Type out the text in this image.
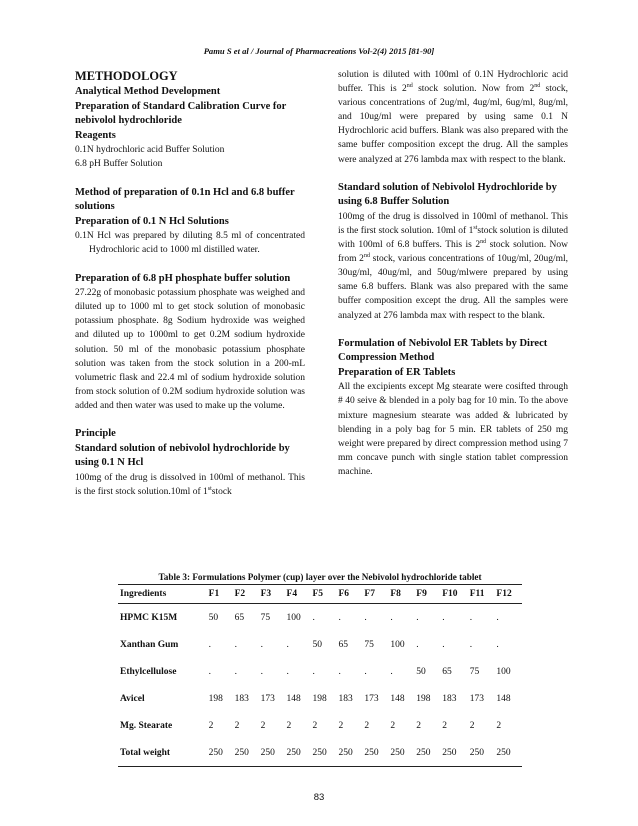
Pamu S et al / Journal of Pharmacreations Vol-2(4) 2015 [81-90]
METHODOLOGY
Analytical Method Development
Preparation of Standard Calibration Curve for nebivolol hydrochloride
Reagents

0.1N hydrochloric acid Buffer Solution

6.8 pH Buffer Solution

Method of preparation of 0.1n Hcl and 6.8 buffer solutions
Preparation of 0.1 N Hcl Solutions

0.1N Hcl was prepared by diluting 8.5 ml of concentrated Hydrochloric acid to 1000 ml distilled water.

Preparation of 6.8 pH phosphate buffer solution

27.22g of monobasic potassium phosphate was weighed and diluted up to 1000 ml to get stock solution of monobasic potassium phosphate. 8g Sodium hydroxide was weighed and diluted up to 1000ml to get 0.2M sodium hydroxide solution. 50 ml of the monobasic potassium phosphate solution was taken from the stock solution in a 200-mL volumetric flask and 22.4 ml of sodium hydroxide solution from stock solution of 0.2M sodium hydroxide solution was added and then water was used to make up the volume.

Principle
Standard solution of nebivolol hydrochloride by using 0.1 N Hcl

100mg of the drug is dissolved in 100ml of methanol. This is the first stock solution.10ml of 1ststock

solution is diluted with 100ml of 0.1N Hydrochloric acid buffer. This is 2nd stock solution. Now from 2nd stock, various concentrations of 2ug/ml, 4ug/ml, 6ug/ml, 8ug/ml, and 10ug/ml were prepared by using same 0.1 N Hydrochloric acid buffers. Blank was also prepared with the same buffer composition except the drug. All the samples were analyzed at 276 lambda max with respect to the blank.

Standard solution of Nebivolol Hydrochloride by using 6.8 Buffer Solution

100mg of the drug is dissolved in 100ml of methanol. This is the first stock solution. 10ml of 1ststock solution is diluted with 100ml of 6.8 buffers. This is 2nd stock solution. Now from 2nd stock, various concentrations of 10ug/ml, 20ug/ml, 30ug/ml, 40ug/ml, and 50ug/mlwere prepared by using same 6.8 buffers. Blank was also prepared with the same buffer composition except the drug. All the samples were analyzed at 276 lambda max with respect to the blank.

Formulation of Nebivolol ER Tablets by Direct Compression Method
Preparation of ER Tablets

All the excipients except Mg stearate were cosifted through # 40 seive & blended in a poly bag for 10 min. To the above mixture magnesium stearate was added & lubricated by blending in a poly bag for 5 min. ER tablets of 250 mg weight were prepared by direct compression method using 7 mm concave punch with single station tablet compression machine.

Table 3: Formulations Polymer (cup) layer over the Nebivolol hydrochloride tablet
Ingredients	F1	F2	F3	F4	F5	F6	F7	F8	F9	F10	F11	F12
HPMC K15M	50	65	75	100	.	.	.	.	.	.	.	.
Xanthan Gum	.	.	.	.	50	65	75	100	.	.	.	.
Ethylcellulose	.	.	.	.	.	.	.	.	50	65	75	100
Avicel	198	183	173	148	198	183	173	148	198	183	173	148
Mg. Stearate	2	2	2	2	2	2	2	2	2	2	2	2
Total weight	250	250	250	250	250	250	250	250	250	250	250	250
83
